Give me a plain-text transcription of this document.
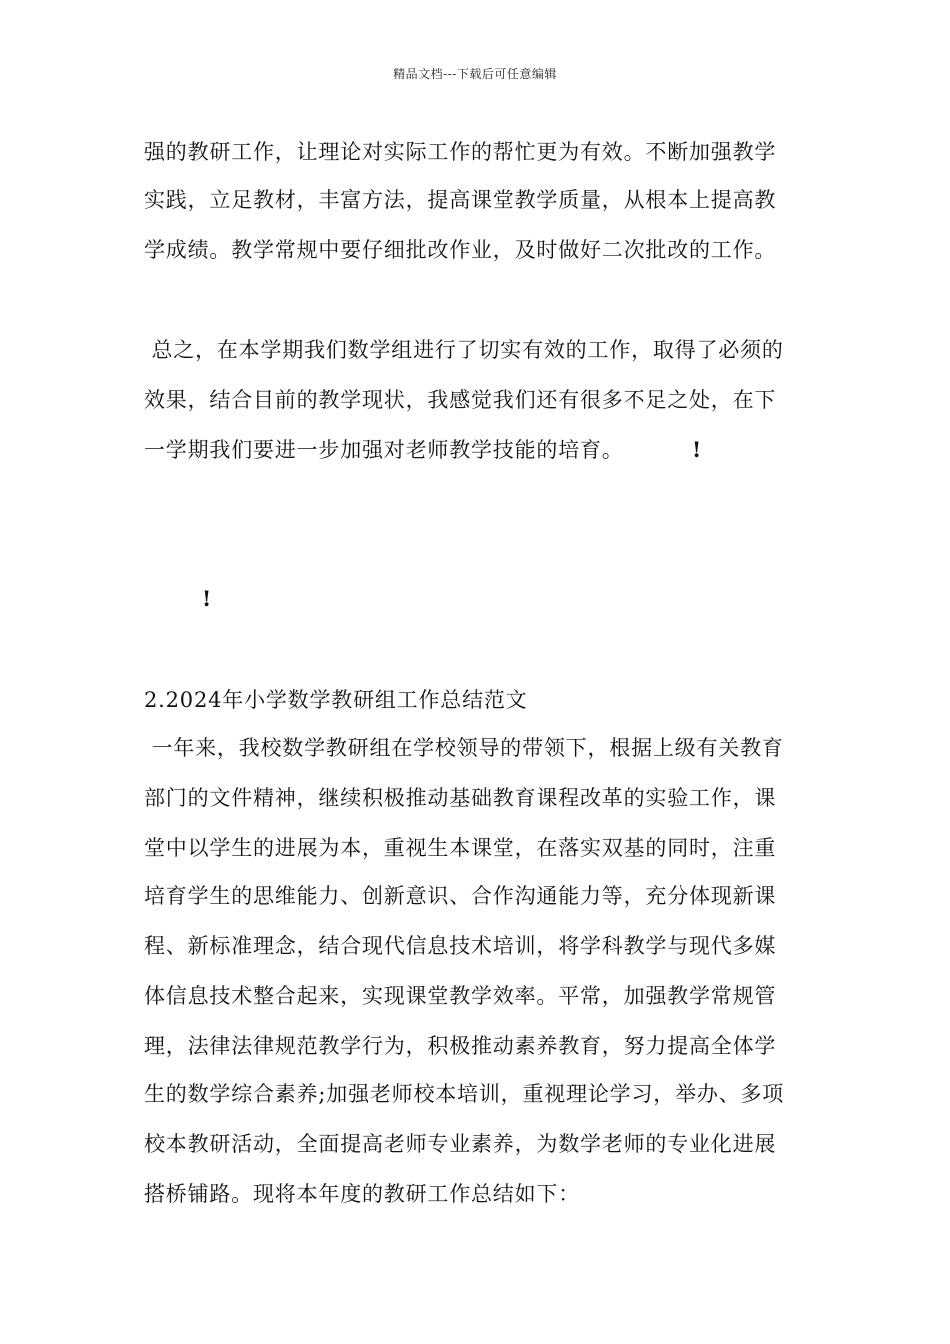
精品文档---下载后可任意编辑
强的教研工作，让理论对实际工作的帮忙更为有效。不断加强教学
实践，立足教材，丰富方法，提高课堂教学质量，从根本上提高教
学成绩。教学常规中要仔细批改作业，及时做好二次批改的工作。
总之，在本学期我们数学组进行了切实有效的工作，取得了必须的
效果，结合目前的教学现状，我感觉我们还有很多不足之处，在下
一学期我们要进一步加强对老师教学技能的培育。	!
!
2.2024年小学数学教研组工作总结范文
一年来，我校数学教研组在学校领导的带领下，根据上级有关教育
部门的文件精神，继续积极推动基础教育课程改革的实验工作，课
堂中以学生的进展为本，重视生本课堂，在落实双基的同时，注重
培育学生的思维能力、创新意识、合作沟通能力等，充分体现新课
程、新标准理念，结合现代信息技术培训，将学科教学与现代多媒
体信息技术整合起来，实现课堂教学效率。平常，加强教学常规管
理，法律法律规范教学行为，积极推动素养教育，努力提高全体学
生的数学综合素养;加强老师校本培训，重视理论学习，举办、多项
校本教研活动，全面提高老师专业素养，为数学老师的专业化进展
搭桥铺路。现将本年度的教研工作总结如下：
